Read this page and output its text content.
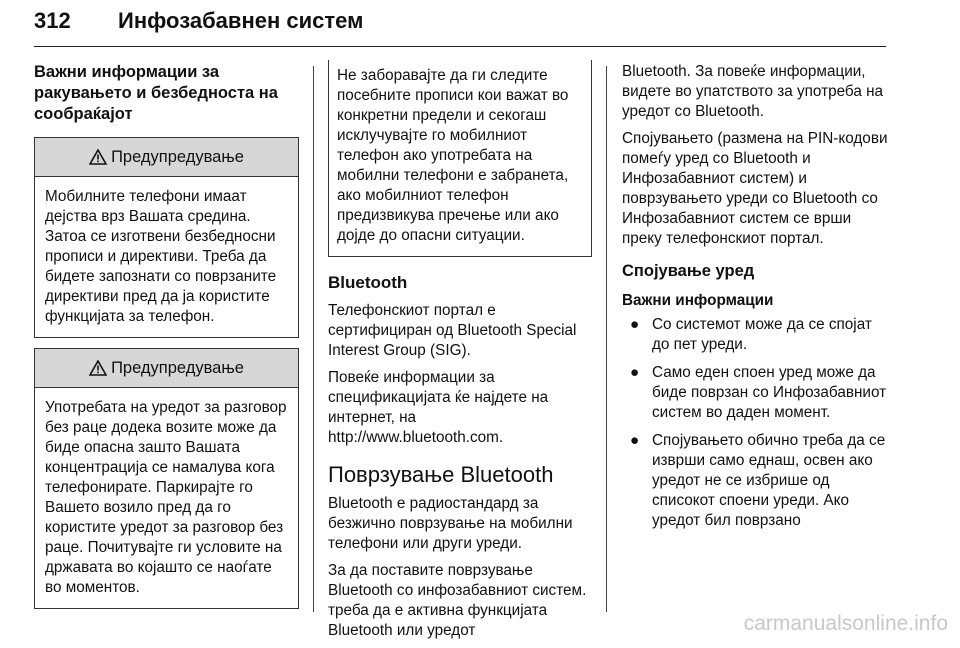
312 Инфозабавнен систем
Важни информации за
ракувањето и безбедноста на
сообраќајот
Предупредување
Мобилните телефони имаат дејства врз Вашата средина. Затоа се изготвени безбедносни прописи и директиви. Треба да бидете запознати со поврзаните директиви пред да ја користите функцијата за телефон.
Предупредување
Употребата на уредот за разговор без раце додека возите може да биде опасна зашто Вашата концентрација се намалува кога телефонирате. Паркирајте го Вашето возило пред да го користите уредот за разговор без раце. Почитувајте ги условите на државата во којашто се наоѓате во моментов.
Не заборавајте да ги следите посебните прописи кои важат во конкретни предели и секогаш исклучувајте го мобилниот телефон ако употребата на мобилни телефони е забранета, ако мобилниот телефон предизвикува пречење или ако дојде до опасни ситуации.
Bluetooth

Телефонскиот портал е сертифициран од Bluetooth Special Interest Group (SIG).

Повеќе информации за спецификацијата ќе најдете на интернет, на
http://www.bluetooth.com.

Поврзување Bluetooth

Bluetooth е радиостандард за безжично поврзување на мобилни телефони или други уреди.

За да поставите поврзување Bluetooth со инфозабавниот систем. треба да е активна функцијата Bluetooth или уредот

Bluetooth. За повеќе информации, видете во упатството за употреба на уредот со Bluetooth.

Спојувањето (размена на PIN-кодови помеѓу уред со Bluetooth и Инфозабавниот систем) и поврзувањето уреди со Bluetooth со Инфозабавниот систем се врши преку телефонскиот портал.

Спојување уред
Важни информации
● Со системот може да се спојат до пет уреди.
● Само еден споен уред може да биде поврзан со Инфозабавниот систем во даден момент.
● Спојувањето обично треба да се изврши само еднаш, освен ако уредот не се избрише од списокот споени уреди. Ако уредот бил поврзано
carmanualsonline.info
